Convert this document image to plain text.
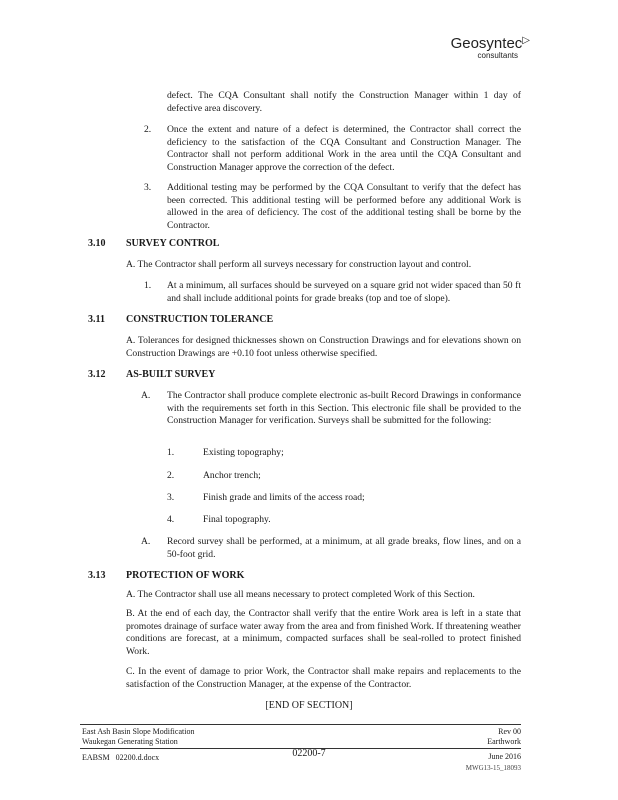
Geosyntec▷
consultants

defect. The CQA Consultant shall notify the Construction Manager within 1 day of defective area discovery.

2. Once the extent and nature of a defect is determined, the Contractor shall correct the deficiency to the satisfaction of the CQA Consultant and Construction Manager. The Contractor shall not perform additional Work in the area until the CQA Consultant and Construction Manager approve the correction of the defect.

3. Additional testing may be performed by the CQA Consultant to verify that the defect has been corrected. This additional testing will be performed before any additional Work is allowed in the area of deficiency. The cost of the additional testing shall be borne by the Contractor.

3.10 SURVEY CONTROL

A. The Contractor shall perform all surveys necessary for construction layout and control.

1. At a minimum, all surfaces should be surveyed on a square grid not wider spaced than 50 ft and shall include additional points for grade breaks (top and toe of slope).

3.11 CONSTRUCTION TOLERANCE

A. Tolerances for designed thicknesses shown on Construction Drawings and for elevations shown on Construction Drawings are +0.10 foot unless otherwise specified.

3.12 AS-BUILT SURVEY
A. The Contractor shall produce complete electronic as-built Record Drawings in conformance with the requirements set forth in this Section. This electronic file shall be provided to the Construction Manager for verification. Surveys shall be submitted for the following:

1.	Existing topography;
2.	Anchor trench;
3.	Finish grade and limits of the access road;
4.	Final topography.
A. Record survey shall be performed, at a minimum, at all grade breaks, flow lines, and on a 50-foot grid.

3.13 PROTECTION OF WORK

A. The Contractor shall use all means necessary to protect completed Work of this Section.

B. At the end of each day, the Contractor shall verify that the entire Work area is left in a state that promotes drainage of surface water away from the area and from finished Work. If threatening weather conditions are forecast, at a minimum, compacted surfaces shall be seal-rolled to protect finished Work.

C. In the event of damage to prior Work, the Contractor shall make repairs and replacements to the satisfaction of the Construction Manager, at the expense of the Contractor.

[END OF SECTION]
East Ash Basin Slope Modification
Waukegan Generating Station
Rev 00
Earthwork
EABSM   02200.d.docx	02200-7	June 2016
MWG13-15_18093
